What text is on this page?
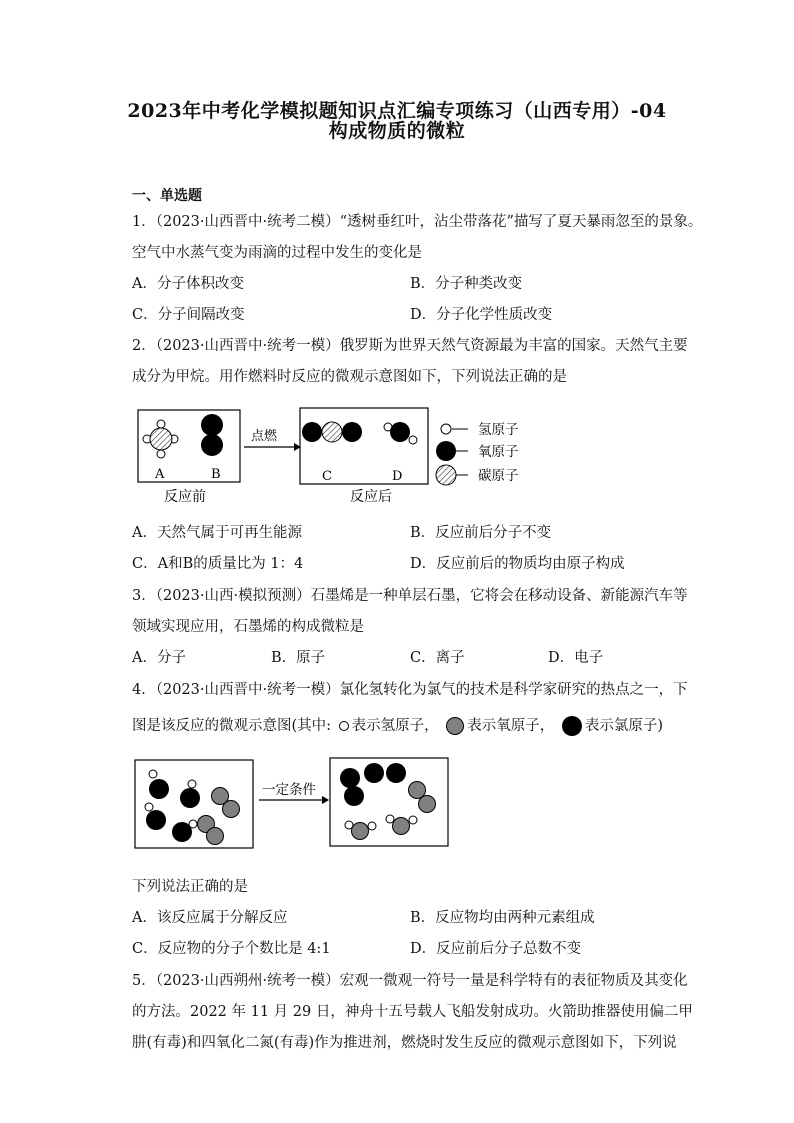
2023年中考化学模拟题知识点汇编专项练习（山西专用）-04
构成物质的微粒
一、单选题
1．（2023·山西晋中·统考二模）“透树垂红叶，沾尘带落花”描写了夏天暴雨忽至的景象。
空气中水蒸气变为雨滴的过程中发生的变化是
A．分子体积改变	B．分子种类改变
C．分子间隔改变	D．分子化学性质改变
2．（2023·山西晋中·统考一模）俄罗斯为世界天然气资源最为丰富的国家。天然气主要
成分为甲烷。用作燃料时反应的微观示意图如下，下列说法正确的是
A	B
反应前
点燃
C	D
反应后
氢原子
氧原子
碳原子
A．天然气属于可再生能源	B．反应前后分子不变
C．A和B的质量比为 1：4	D．反应前后的物质均由原子构成
3．（2023·山西·模拟预测）石墨烯是一种单层石墨，它将会在移动设备、新能源汽车等
领域实现应用，石墨烯的构成微粒是
A．分子	B．原子	C．离子	D．电子
4．（2023·山西晋中·统考一模）氯化氢转化为氯气的技术是科学家研究的热点之一，下
图是该反应的微观示意图(其中: 表示氢原子， 表示氧原子， 表示氯原子)
一定条件
下列说法正确的是
A．该反应属于分解反应	B．反应物均由两种元素组成
C．反应物的分子个数比是 4:1	D．反应前后分子总数不变
5．（2023·山西朔州·统考一模）宏观一微观一符号一量是科学特有的表征物质及其变化
的方法。2022 年 11 月 29 日，神舟十五号载人飞船发射成功。火箭助推器使用偏二甲
肼(有毒)和四氧化二氮(有毒)作为推进剂，燃烧时发生反应的微观示意图如下，下列说
